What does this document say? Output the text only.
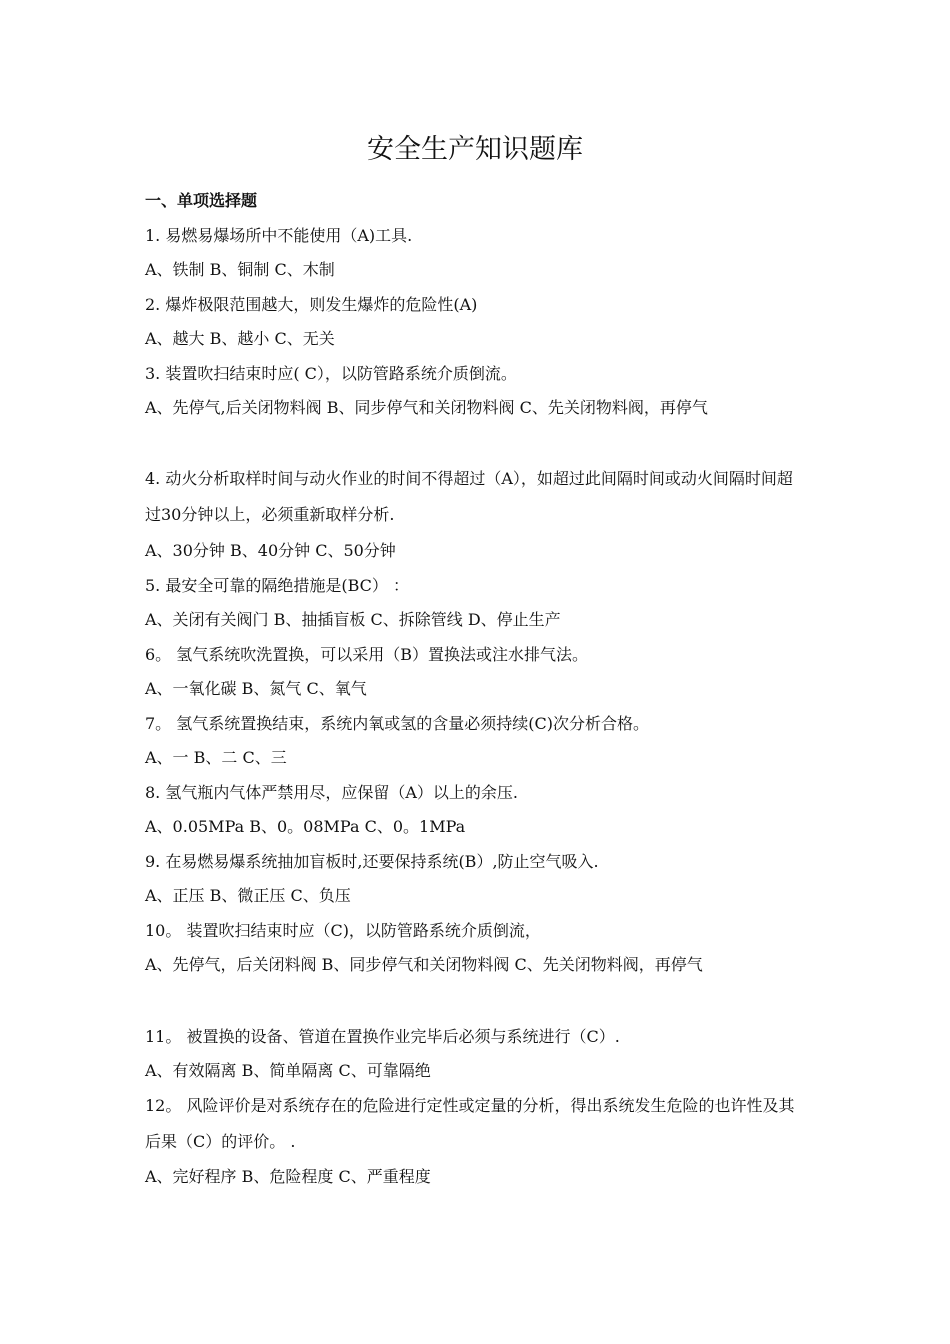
安全生产知识题库
一、单项选择题
1. 易燃易爆场所中不能使用（A)工具.
A、铁制 B、铜制 C、木制
2. 爆炸极限范围越大，则发生爆炸的危险性(A)
A、越大 B、越小 C、无关
3. 装置吹扫结束时应( C），以防管路系统介质倒流。
A、先停气,后关闭物料阀 B、同步停气和关闭物料阀 C、先关闭物料阀，再停气
4. 动火分析取样时间与动火作业的时间不得超过（A），如超过此间隔时间或动火间隔时间超过30分钟以上，必须重新取样分析.
A、30分钟 B、40分钟 C、50分钟
5. 最安全可靠的隔绝措施是(BC） ：
A、关闭有关阀门 B、抽插盲板 C、拆除管线 D、停止生产
6。 氢气系统吹洗置换，可以采用（B）置换法或注水排气法。
A、一氧化碳 B、氮气 C、氧气
7。 氢气系统置换结束，系统内氧或氢的含量必须持续(C)次分析合格。
A、一 B、二 C、三
8. 氢气瓶内气体严禁用尽，应保留（A）以上的余压.
A、0.05MPa B、0。08MPa C、0。1MPa
9. 在易燃易爆系统抽加盲板时,还要保持系统(B）,防止空气吸入.
A、正压 B、微正压 C、负压
10。 装置吹扫结束时应（C)，以防管路系统介质倒流，
A、先停气，后关闭料阀 B、同步停气和关闭物料阀 C、先关闭物料阀，再停气
11。 被置换的设备、管道在置换作业完毕后必须与系统进行（C）.
A、有效隔离 B、简单隔离 C、可靠隔绝
12。 风险评价是对系统存在的危险进行定性或定量的分析，得出系统发生危险的也许性及其后果（C）的评价。 .
A、完好程序 B、危险程度 C、严重程度
